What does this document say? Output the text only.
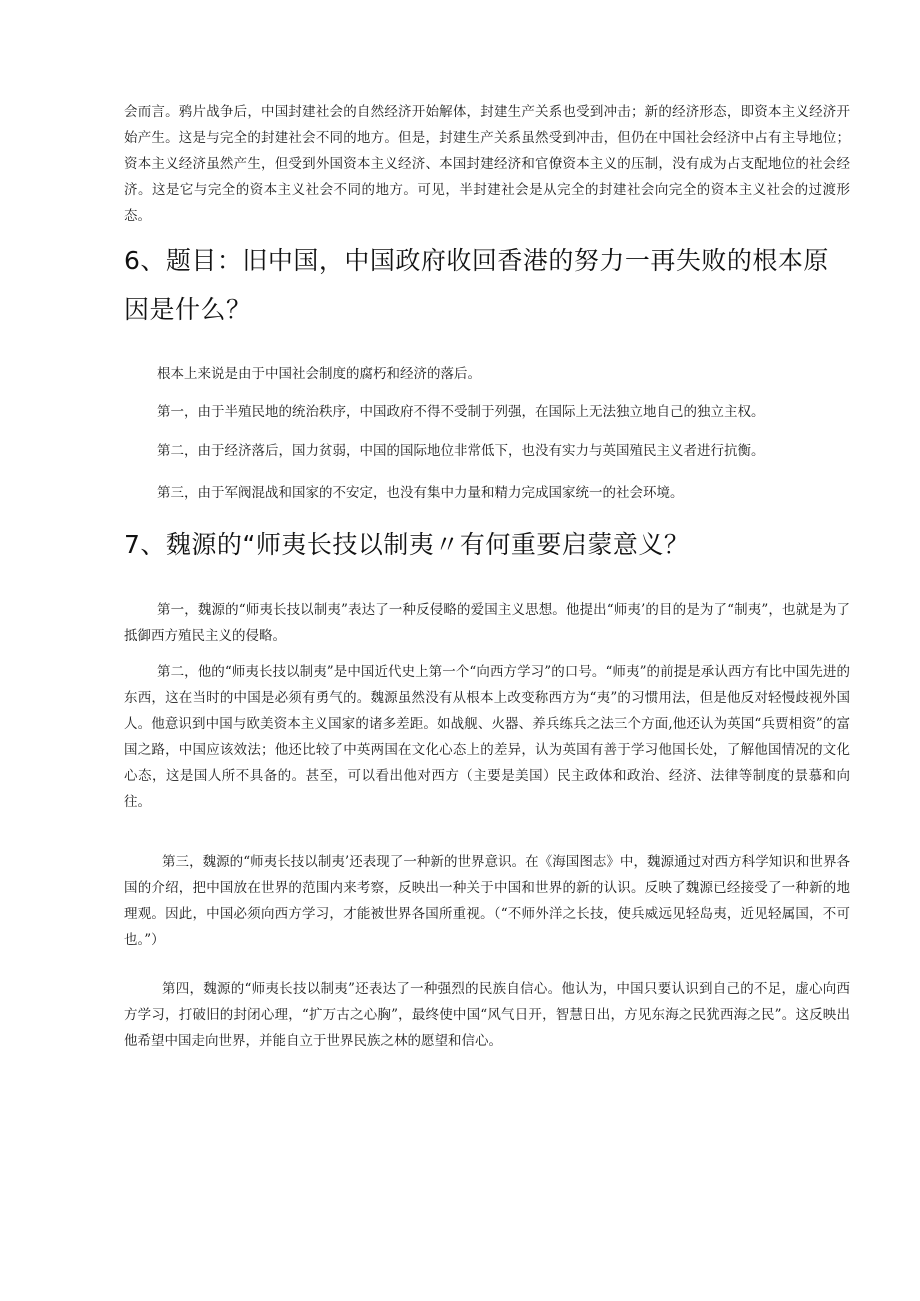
会而言。鸦片战争后，中国封建社会的自然经济开始解体，封建生产关系也受到冲击；新的经济形态，即资本主义经济开始产生。这是与完全的封建社会不同的地方。但是，封建生产关系虽然受到冲击，但仍在中国社会经济中占有主导地位；资本主义经济虽然产生，但受到外国资本主义经济、本国封建经济和官僚资本主义的压制，没有成为占支配地位的社会经济。这是它与完全的资本主义社会不同的地方。可见，半封建社会是从完全的封建社会向完全的资本主义社会的过渡形态。

6、题目：旧中国，中国政府收回香港的努力一再失败的根本原因是什么？

根本上来说是由于中国社会制度的腐朽和经济的落后。

第一，由于半殖民地的统治秩序，中国政府不得不受制于列强，在国际上无法独立地自己的独立主权。

第二，由于经济落后，国力贫弱，中国的国际地位非常低下，也没有实力与英国殖民主义者进行抗衡。

第三，由于军阀混战和国家的不安定，也没有集中力量和精力完成国家统一的社会环境。

7、魏源的“师夷长技以制夷〃有何重要启蒙意义？

第一，魏源的“师夷长技以制夷”表达了一种反侵略的爱国主义思想。他提出“师夷’的目的是为了“制夷”，也就是为了抵御西方殖民主义的侵略。

第二，他的“师夷长技以制夷”是中国近代史上第一个“向西方学习”的口号。“师夷”的前提是承认西方有比中国先进的东西，这在当时的中国是必须有勇气的。魏源虽然没有从根本上改变称西方为“夷”的习惯用法，但是他反对轻慢歧视外国人。他意识到中国与欧美资本主义国家的诸多差距。如战舰、火器、养兵练兵之法三个方面,他还认为英国“兵贾相资”的富国之路，中国应该效法；他还比较了中英两国在文化心态上的差异，认为英国有善于学习他国长处，了解他国情况的文化心态，这是国人所不具备的。甚至，可以看出他对西方（主要是美国）民主政体和政治、经济、法律等制度的景慕和向往。

第三，魏源的“师夷长技以制夷’还表现了一种新的世界意识。在《海国图志》中，魏源通过对西方科学知识和世界各国的介绍，把中国放在世界的范围内来考察，反映出一种关于中国和世界的新的认识。反映了魏源已经接受了一种新的地理观。因此，中国必须向西方学习，才能被世界各国所重视。（“不师外洋之长技，使兵威远见轻岛夷，近见轻属国，不可也。”）

第四，魏源的“师夷长技以制夷”还表达了一种强烈的民族自信心。他认为，中国只要认识到自己的不足，虚心向西方学习，打破旧的封闭心理，“扩万古之心胸”，最终使中国“风气日开，智慧日出，方见东海之民犹西海之民”。这反映出他希望中国走向世界，并能自立于世界民族之林的愿望和信心。
